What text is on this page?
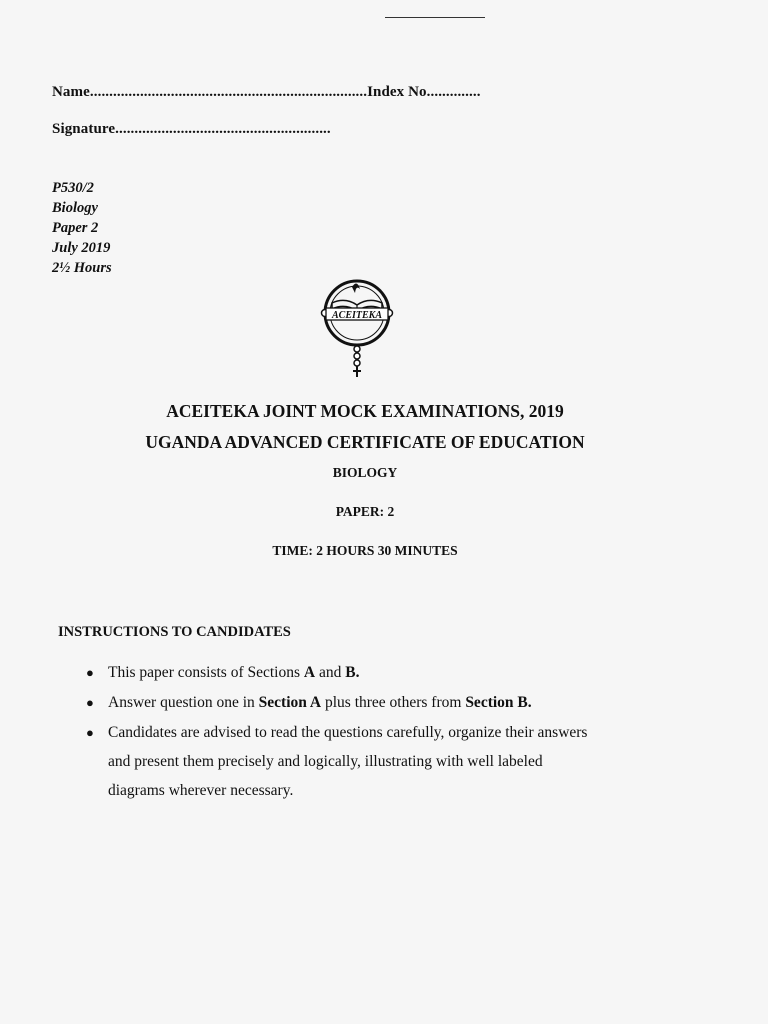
Name........................................................................Index No..............
Signature........................................................
P530/2
Biology
Paper 2
July 2019
2½ Hours
ACEITEKA
ACEITEKA JOINT MOCK EXAMINATIONS, 2019
UGANDA ADVANCED CERTIFICATE OF EDUCATION
BIOLOGY
PAPER: 2
TIME: 2 HOURS 30 MINUTES
INSTRUCTIONS TO CANDIDATES
● This paper consists of Sections A and B.
● Answer question one in Section A plus three others from Section B.
● Candidates are advised to read the questions carefully, organize their answers
and present them precisely and logically, illustrating with well labeled
diagrams wherever necessary.
